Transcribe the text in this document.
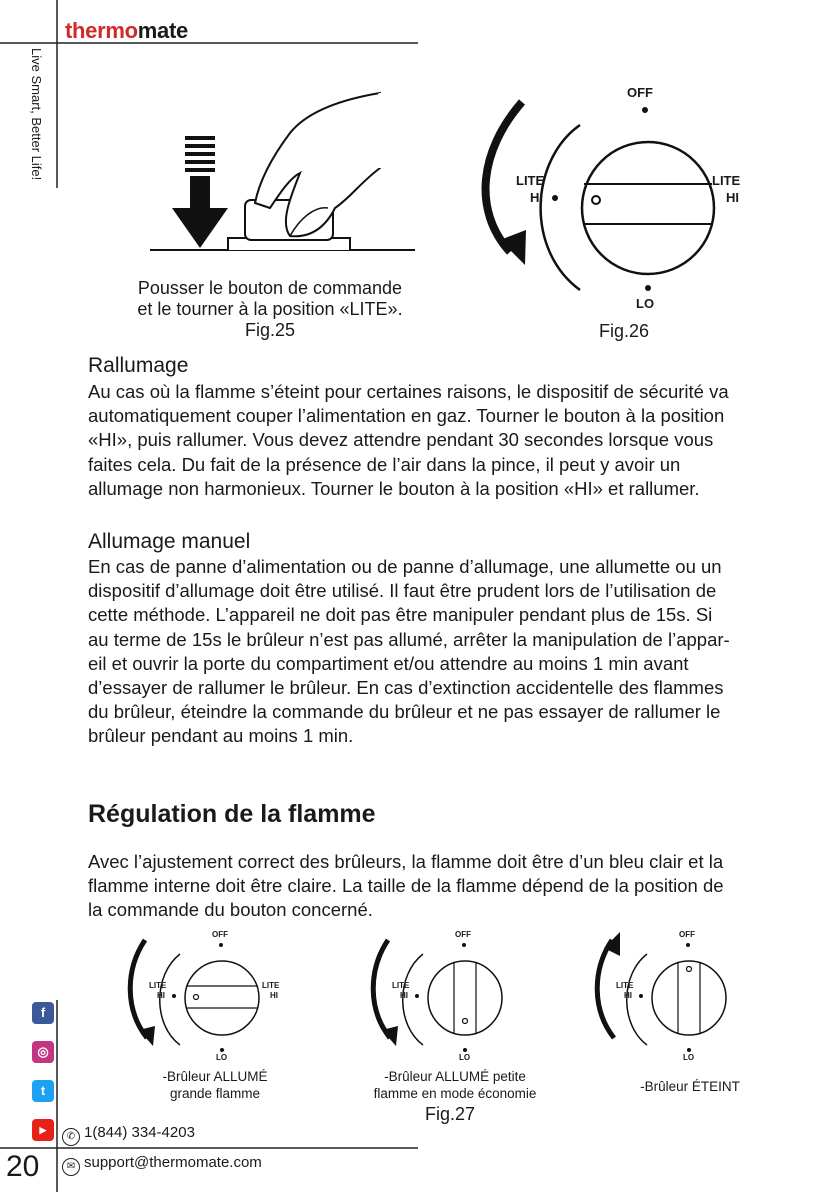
thermomate
Live Smart, Better Life!
Pousser le bouton de commande
et le tourner à la position «LITE».
Fig.25
OFF
LITE
HI
LITE
HI
LO
Fig.26
Rallumage
Au cas où la flamme s’éteint pour certaines raisons, le dispositif de sécurité va
automatiquement couper l’alimentation en gaz. Tourner le bouton à la position
«HI», puis rallumer. Vous devez attendre pendant 30 secondes lorsque vous
faites cela. Du fait de la présence de l’air dans la pince, il peut y avoir un
allumage non harmonieux. Tourner le bouton à la position «HI» et rallumer.
Allumage manuel
En cas de panne d’alimentation ou de panne d’allumage, une allumette ou un
dispositif d’allumage doit être utilisé. Il faut être prudent lors de l’utilisation de
cette méthode. L’appareil ne doit pas être manipuler pendant plus de 15s. Si
au terme de 15s le brûleur n’est pas allumé, arrêter la manipulation de l’appar-
eil et ouvrir la porte du compartiment et/ou attendre au moins 1 min avant
d’essayer de rallumer le brûleur. En cas d’extinction accidentelle des flammes
du brûleur, éteindre la commande du brûleur et ne pas essayer de rallumer le
brûleur pendant au moins 1 min.
Régulation de la flamme
Avec l’ajustement correct des brûleurs, la flamme doit être d’un bleu clair et la
flamme interne doit être claire. La taille de la flamme dépend de la position de
la commande du bouton concerné.
OFF
LITE
HI
LITE
HI
LO
-Brûleur ALLUMÉ
grande flamme
OFF
LITE
HI
LO
-Brûleur ALLUMÉ petite
flamme en mode économie
OFF
LITE
HI
LO
-Brûleur ÉTEINT
Fig.27
f
◎
t
▶
✆ 1(844) 334-4203
✉ support@thermomate.com
20
